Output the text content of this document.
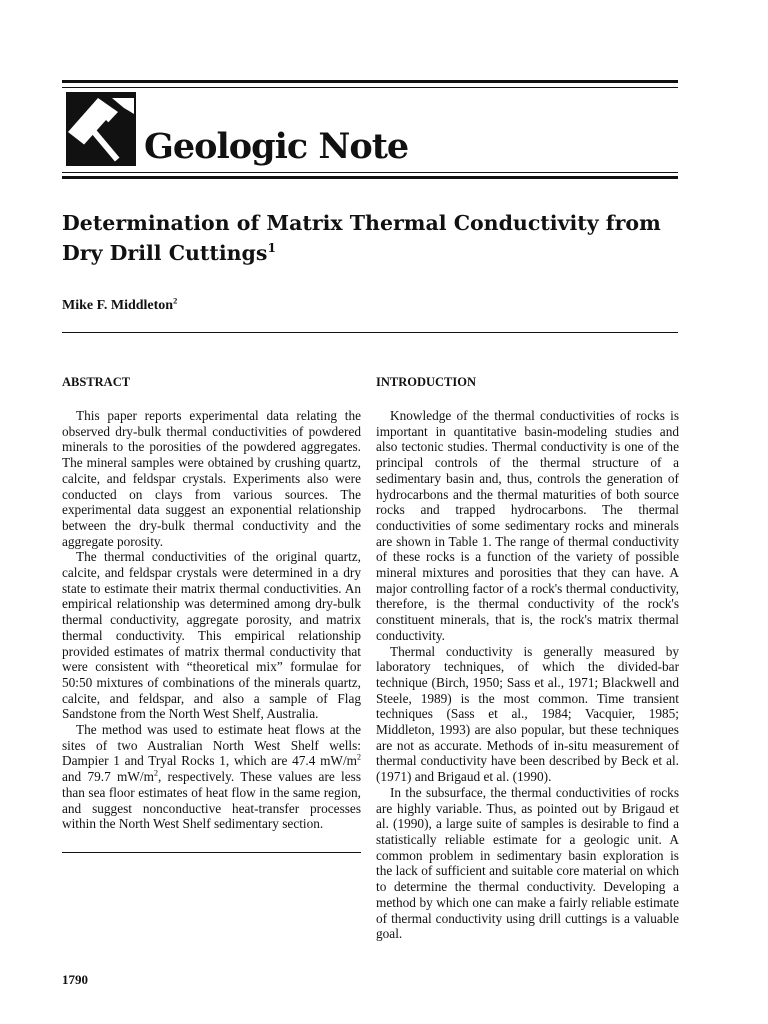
Geologic Note
Determination of Matrix Thermal Conductivity from
Dry Drill Cuttings$^1$

Mike F. Middleton$^2$

ABSTRACT

This paper reports experimental data relating the observed dry-bulk thermal conductivities of powdered minerals to the porosities of the powdered aggregates. The mineral samples were obtained by crushing quartz, calcite, and feldspar crystals. Experiments also were conducted on clays from various sources. The experimental data suggest an exponential relationship between the dry-bulk thermal conductivity and the aggregate porosity.

The thermal conductivities of the original quartz, calcite, and feldspar crystals were determined in a dry state to estimate their matrix thermal conductivities. An empirical relationship was determined among dry-bulk thermal conductivity, aggregate porosity, and matrix thermal conductivity. This empirical relationship provided estimates of matrix thermal conductivity that were consistent with “theoretical mix” formulae for 50:50 mixtures of combinations of the minerals quartz, calcite, and feldspar, and also a sample of Flag Sandstone from the North West Shelf, Australia.

The method was used to estimate heat flows at the sites of two Australian North West Shelf wells: Dampier 1 and Tryal Rocks 1, which are 47.4 $mW/m^2$ and 79.7 $mW/m^2$, respectively. These values are less than sea floor estimates of heat flow in the same region, and suggest nonconductive heat-transfer processes within the North West Shelf sedimentary section.

INTRODUCTION

Knowledge of the thermal conductivities of rocks is important in quantitative basin-modeling studies and also tectonic studies. Thermal conductivity is one of the principal controls of the thermal structure of a sedimentary basin and, thus, controls the generation of hydrocarbons and the thermal maturities of both source rocks and trapped hydrocarbons. The thermal conductivities of some sedimentary rocks and minerals are shown in Table 1. The range of thermal conductivity of these rocks is a function of the variety of possible mineral mixtures and porosities that they can have. A major controlling factor of a rock's thermal conductivity, therefore, is the thermal conductivity of the rock's constituent minerals, that is, the rock's matrix thermal conductivity.

Thermal conductivity is generally measured by laboratory techniques, of which the divided-bar technique (Birch, 1950; Sass et al., 1971; Blackwell and Steele, 1989) is the most common. Time transient techniques (Sass et al., 1984; Vacquier, 1985; Middleton, 1993) are also popular, but these techniques are not as accurate. Methods of in-situ measurement of thermal conductivity have been described by Beck et al. (1971) and Brigaud et al. (1990).

In the subsurface, the thermal conductivities of rocks are highly variable. Thus, as pointed out by Brigaud et al. (1990), a large suite of samples is desirable to find a statistically reliable estimate for a geologic unit. A common problem in sedimentary basin exploration is the lack of sufficient and suitable core material on which to determine the thermal conductivity. Developing a method by which one can make a fairly reliable estimate of thermal conductivity using drill cuttings is a valuable goal.

1790
